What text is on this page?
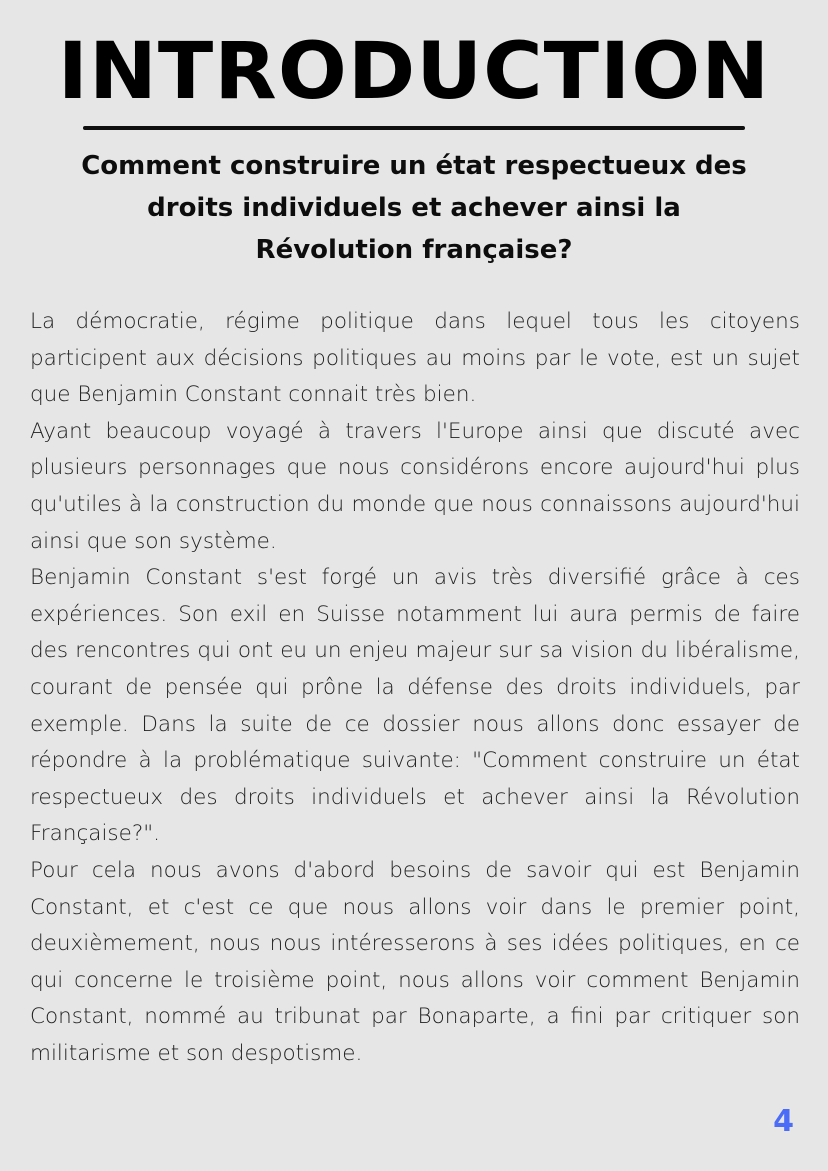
INTRODUCTION
Comment construire un état respectueux des
droits individuels et achever ainsi la
Révolution française?

La démocratie, régime politique dans lequel tous les citoyens participent aux décisions politiques au moins par le vote, est un sujet que Benjamin Constant connait très bien.

Ayant beaucoup voyagé à travers l'Europe ainsi que discuté avec plusieurs personnages que nous considérons encore aujourd'hui plus qu'utiles à la construction du monde que nous connaissons aujourd'hui ainsi que son système.

Benjamin Constant s'est forgé un avis très diversifié grâce à ces expériences. Son exil en Suisse notamment lui aura permis de faire des rencontres qui ont eu un enjeu majeur sur sa vision du libéralisme, courant de pensée qui prône la défense des droits individuels, par exemple. Dans la suite de ce dossier nous allons donc essayer de répondre à la problématique suivante: "Comment construire un état respectueux des droits individuels et achever ainsi la Révolution Française?".

Pour cela nous avons d'abord besoins de savoir qui est Benjamin Constant, et c'est ce que nous allons voir dans le premier point, deuxièmement, nous nous intéresserons à ses idées politiques, en ce qui concerne le troisième point, nous allons voir comment Benjamin Constant, nommé au tribunat par Bonaparte, a fini par critiquer son militarisme et son despotisme.

4
